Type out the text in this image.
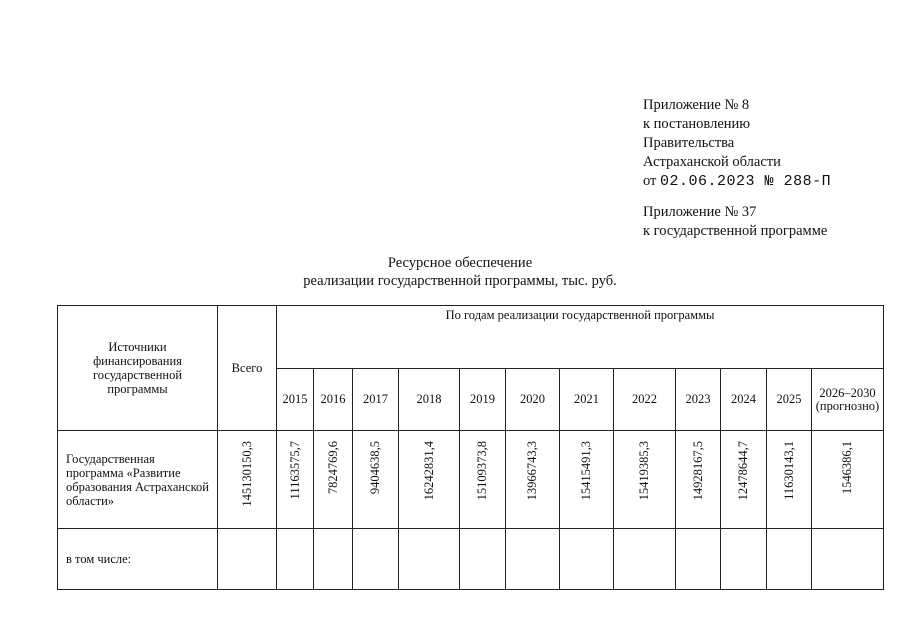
Приложение № 8
к постановлению
Правительства
Астраханской области
от 02.06.2023 № 288-П
Приложение № 37
к государственной программе
Ресурсное обеспечение
реализации государственной программы, тыс. руб.
Источники финансирования государственной программы	Всего	По годам реализации государственной программы											
		2015	2016	2017	2018	2019	2020	2021	2022	2023	2024	2025	2026–2030 (прогнозно)
Государственная программа «Развитие образования Астраханской области»	145130150,3	11163575,7	7824769,6	9404638,5	16242831,4	15109373,8	13966743,3	15415491,3	15419385,3	14928167,5	12478644,7	11630143,1	1546386,1
в том числе:													
